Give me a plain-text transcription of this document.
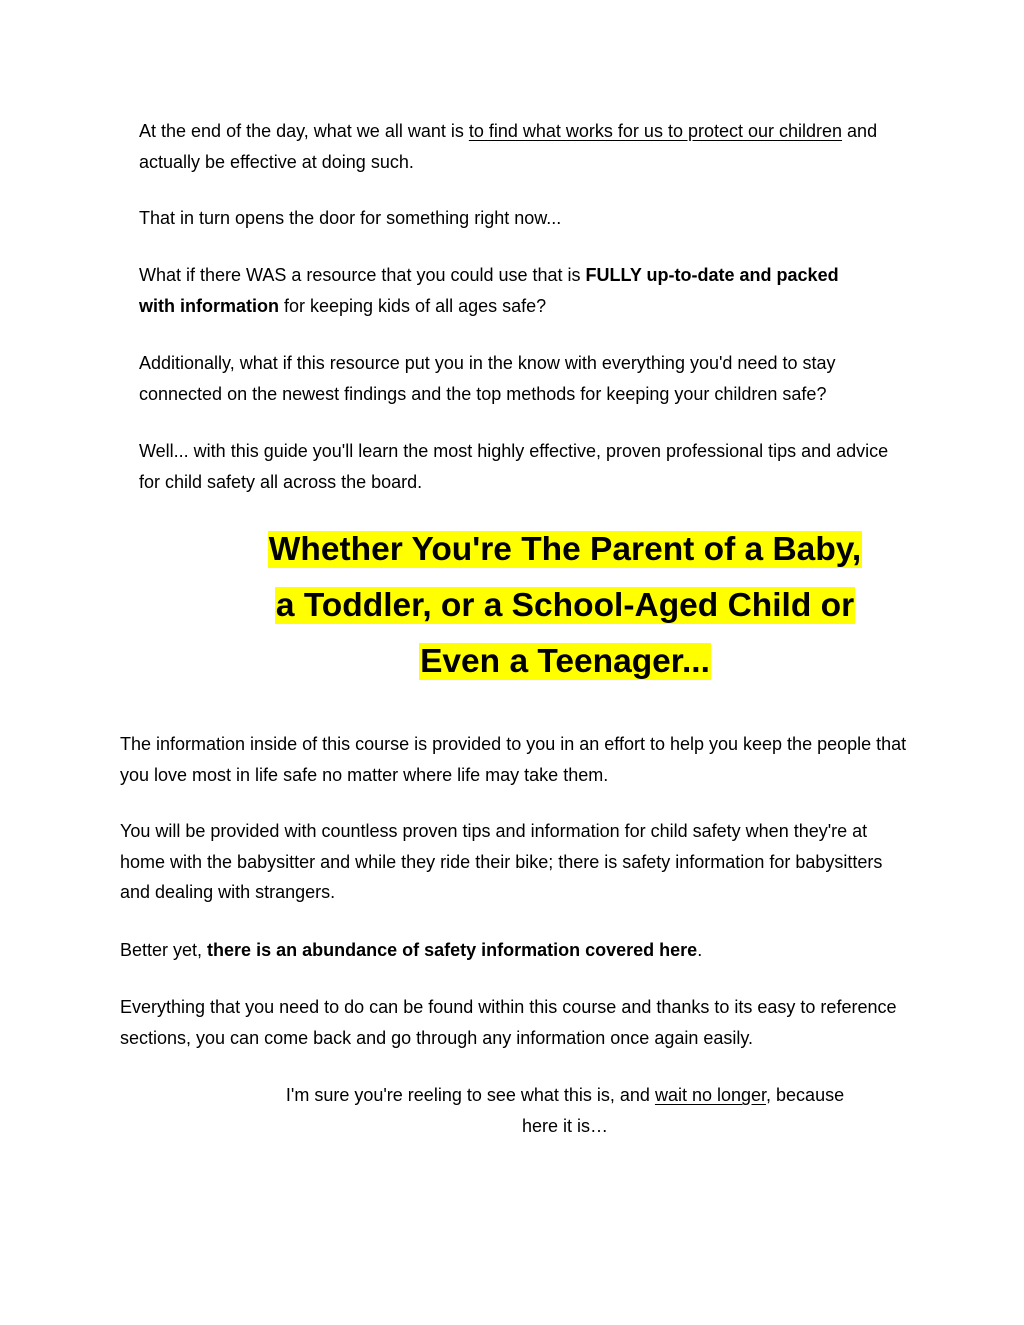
At the end of the day, what we all want is to find what works for us to protect our children and actually be effective at doing such.

That in turn opens the door for something right now...

What if there WAS a resource that you could use that is FULLY up-to-date and packed with information for keeping kids of all ages safe?

Additionally, what if this resource put you in the know with everything you'd need to stay connected on the newest findings and the top methods for keeping your children safe?

Well... with this guide you'll learn the most highly effective, proven professional tips and advice for child safety all across the board.

Whether You're The Parent of a Baby,
a Toddler, or a School-Aged Child or
Even a Teenager...

The information inside of this course is provided to you in an effort to help you keep the people that you love most in life safe no matter where life may take them.

You will be provided with countless proven tips and information for child safety when they're at home with the babysitter and while they ride their bike; there is safety information for babysitters and dealing with strangers.

Better yet, there is an abundance of safety information covered here.

Everything that you need to do can be found within this course and thanks to its easy to reference sections, you can come back and go through any information once again easily.

I'm sure you're reeling to see what this is, and wait no longer, because
here it is…
